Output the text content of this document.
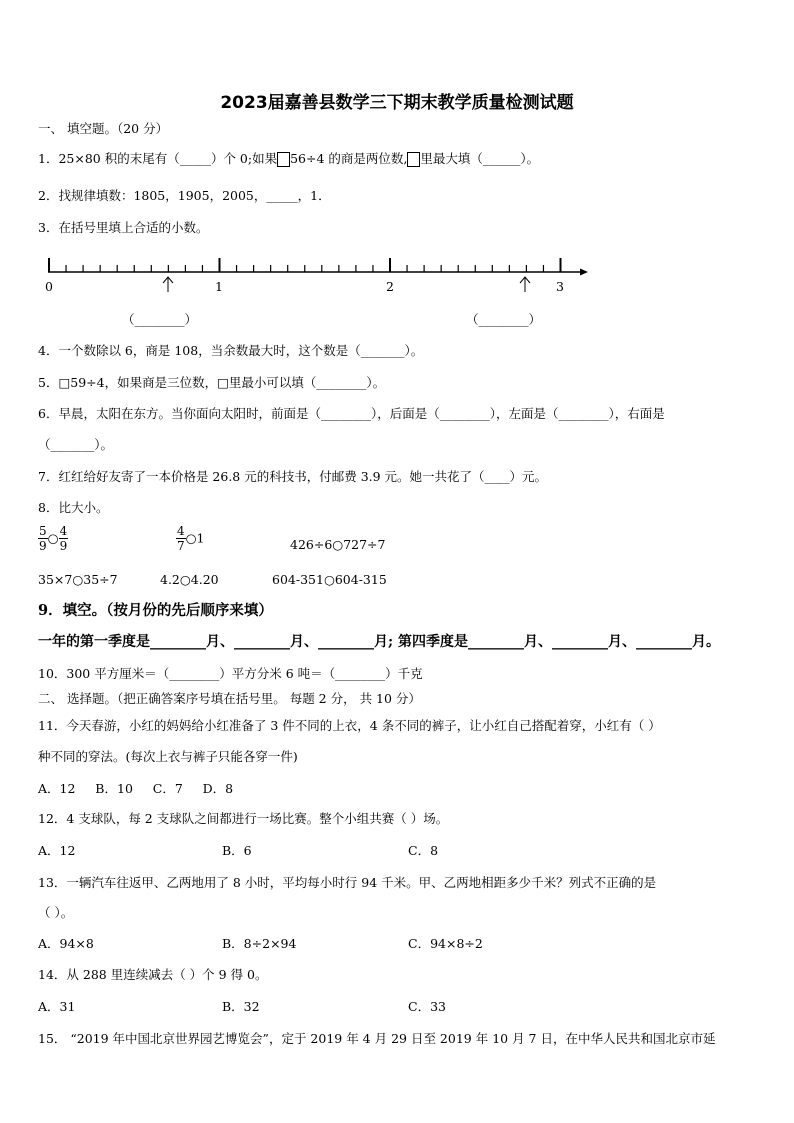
2023届嘉善县数学三下期末教学质量检测试题
一、 填空题。（20 分）
1．25×80 积的末尾有（_____）个 0;如果 56÷4 的商是两位数, 里最大填（______）。
2．找规律填数：1805，1905，2005，_____，1．
3．在括号里填上合适的小数。
0	1	2	3
（________）	（________）
4．一个数除以 6，商是 108，当余数最大时，这个数是（_______）。
5．□59÷4，如果商是三位数，□里最小可以填（________）。
6．早晨，太阳在东方。当你面向太阳时，前面是（________），后面是（________），左面是（________），右面是
（_______）。
7．红红给好友寄了一本价格是 26.8 元的科技书，付邮费 3.9 元。她一共花了（____）元。
8．比大小。
$\frac{5}{9}$ ○ $\frac{4}{9}$	$\frac{4}{7}$ ○1	426÷6○727÷7
35×7○35÷7	4.2○4.20	604-351○604-315
9．填空。（按月份的先后顺序来填）
一年的第一季度是________月、________月、________月; 第四季度是________月、________月、________月。
10．300 平方厘米＝（________）平方分米 6 吨＝（________）千克
二、 选择题。（把正确答案序号填在括号里。 每题 2 分， 共 10 分）
11．今天春游，小红的妈妈给小红准备了 3 件不同的上衣，4 条不同的裤子，让小红自己搭配着穿，小红有（ ）
种不同的穿法。(每次上衣与裤子只能各穿一件)
A．12     B．10     C．7     D．8
12．4 支球队，每 2 支球队之间都进行一场比赛。整个小组共赛（ ）场。
A．12	B．6	C．8
13．一辆汽车往返甲、乙两地用了 8 小时，平均每小时行 94 千米。甲、乙两地相距多少千米？列式不正确的是
（ ）。
A．94×8	B．8÷2×94	C．94×8÷2
14．从 288 里连续减去（ ）个 9 得 0。
A．31	B．32	C．33
15． “2019 年中国北京世界园艺博览会”，定于 2019 年 4 月 29 日至 2019 年 10 月 7 日，在中华人民共和国北京市延
